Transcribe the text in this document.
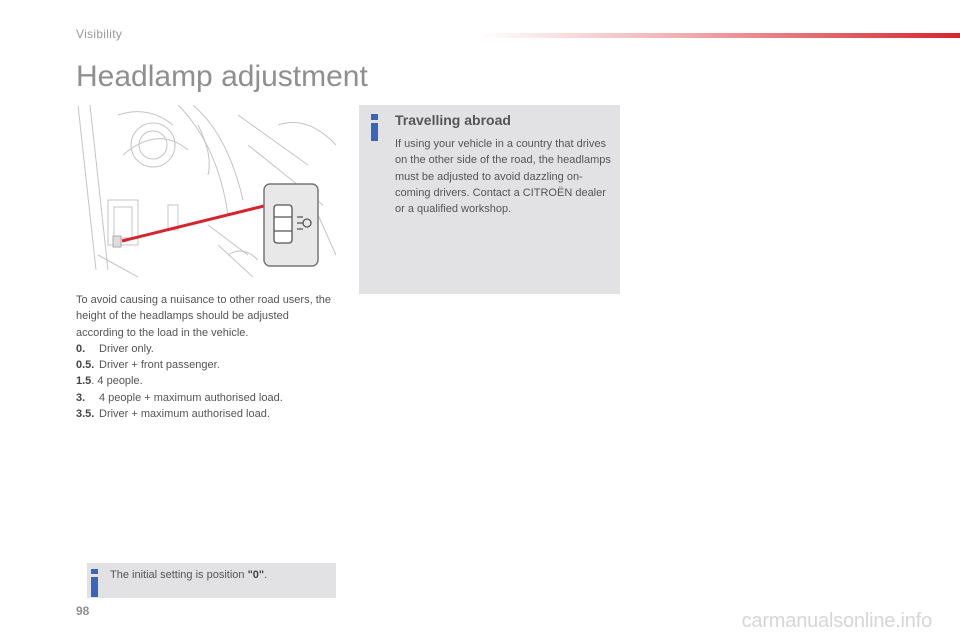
Visibility
Headlamp adjustment
To avoid causing a nuisance to other road users, the height of the headlamps should be adjusted according to the load in the vehicle.
0.	Driver only.
0.5. Driver + front passenger.
1.5 . 4 people.
3.	4 people + maximum authorised load.
3.5. Driver + maximum authorised load.
Travelling abroad

If using your vehicle in a country that drives on the other side of the road, the headlamps must be adjusted to avoid dazzling on-coming drivers. Contact a CITROËN dealer or a qualified workshop.

The initial setting is position "0".
98	carmanualsonline.info
